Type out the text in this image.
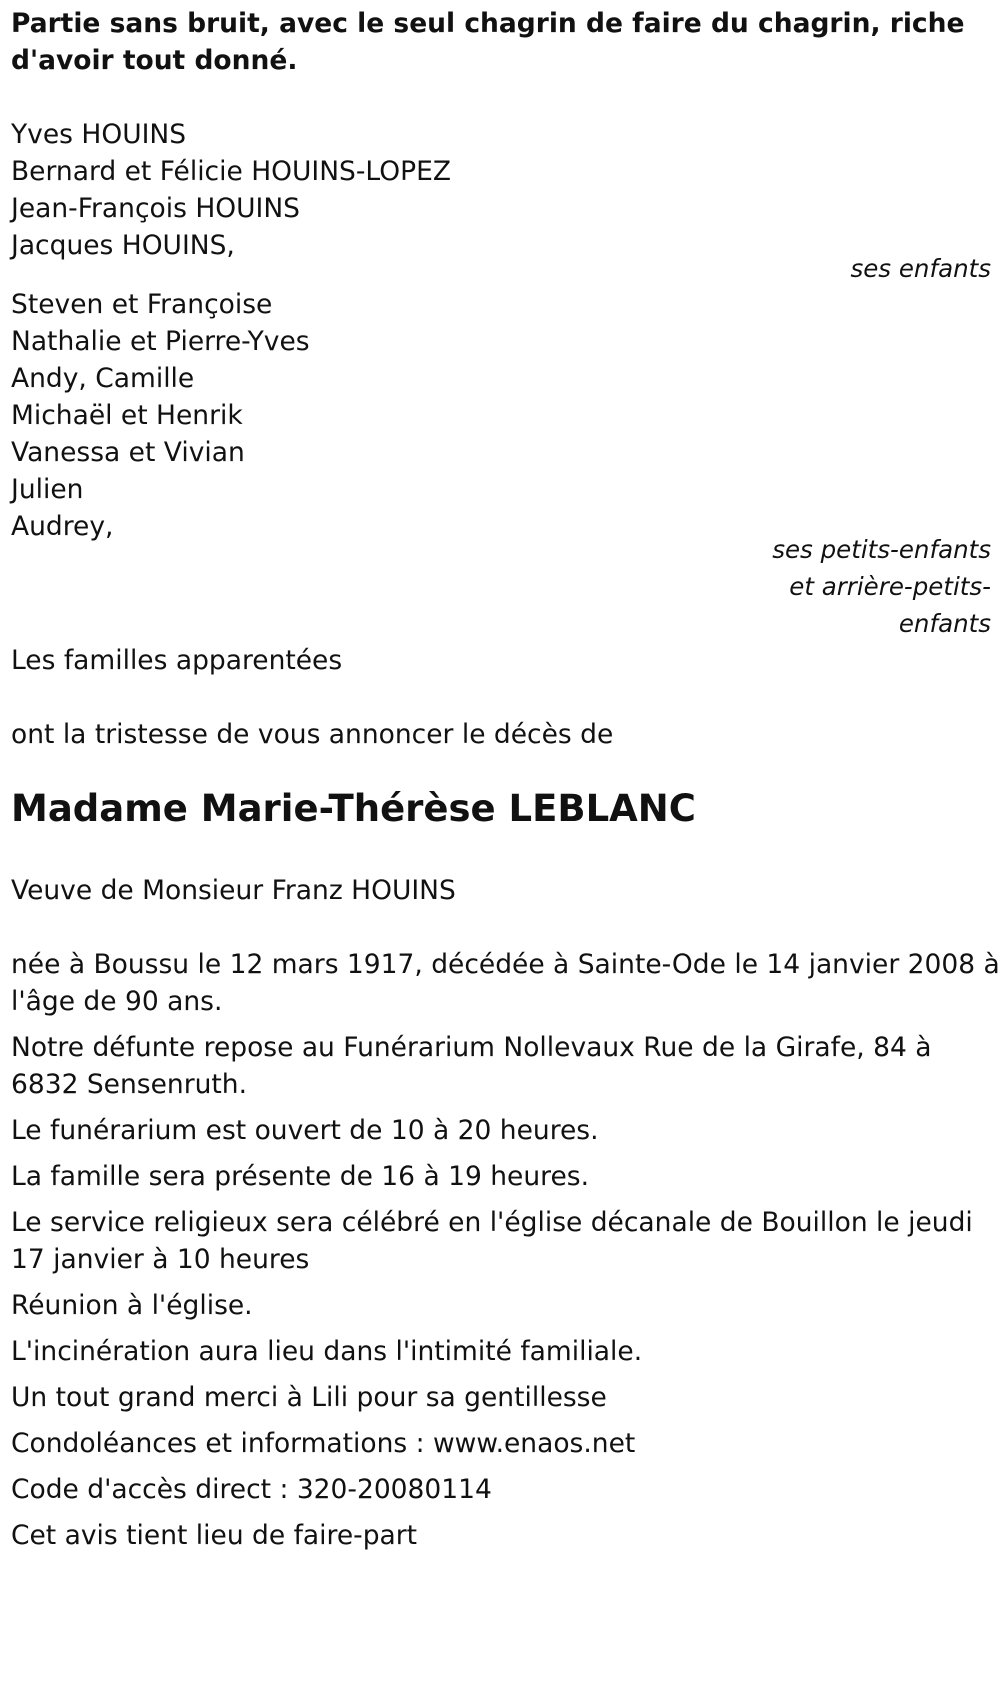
Partie sans bruit, avec le seul chagrin de faire du chagrin, riche
d'avoir tout donné.
Yves HOUINS
Bernard et Félicie HOUINS-LOPEZ
Jean-François HOUINS
Jacques HOUINS,
ses enfants
Steven et Françoise
Nathalie et Pierre-Yves
Andy, Camille
Michaël et Henrik
Vanessa et Vivian
Julien
Audrey,
ses petits-enfants
et arrière-petits-
enfants
Les familles apparentées
ont la tristesse de vous annoncer le décès de
Madame Marie-Thérèse LEBLANC
Veuve de Monsieur Franz HOUINS
née à Boussu le 12 mars 1917, décédée à Sainte-Ode le 14 janvier 2008 à
l'âge de 90 ans.
Notre défunte repose au Funérarium Nollevaux Rue de la Girafe, 84 à
6832 Sensenruth.
Le funérarium est ouvert de 10 à 20 heures.
La famille sera présente de 16 à 19 heures.
Le service religieux sera célébré en l'église décanale de Bouillon le jeudi
17 janvier à 10 heures
Réunion à l'église.
L'incinération aura lieu dans l'intimité familiale.
Un tout grand merci à Lili pour sa gentillesse
Condoléances et informations : www.enaos.net
Code d'accès direct : 320-20080114
Cet avis tient lieu de faire-part
